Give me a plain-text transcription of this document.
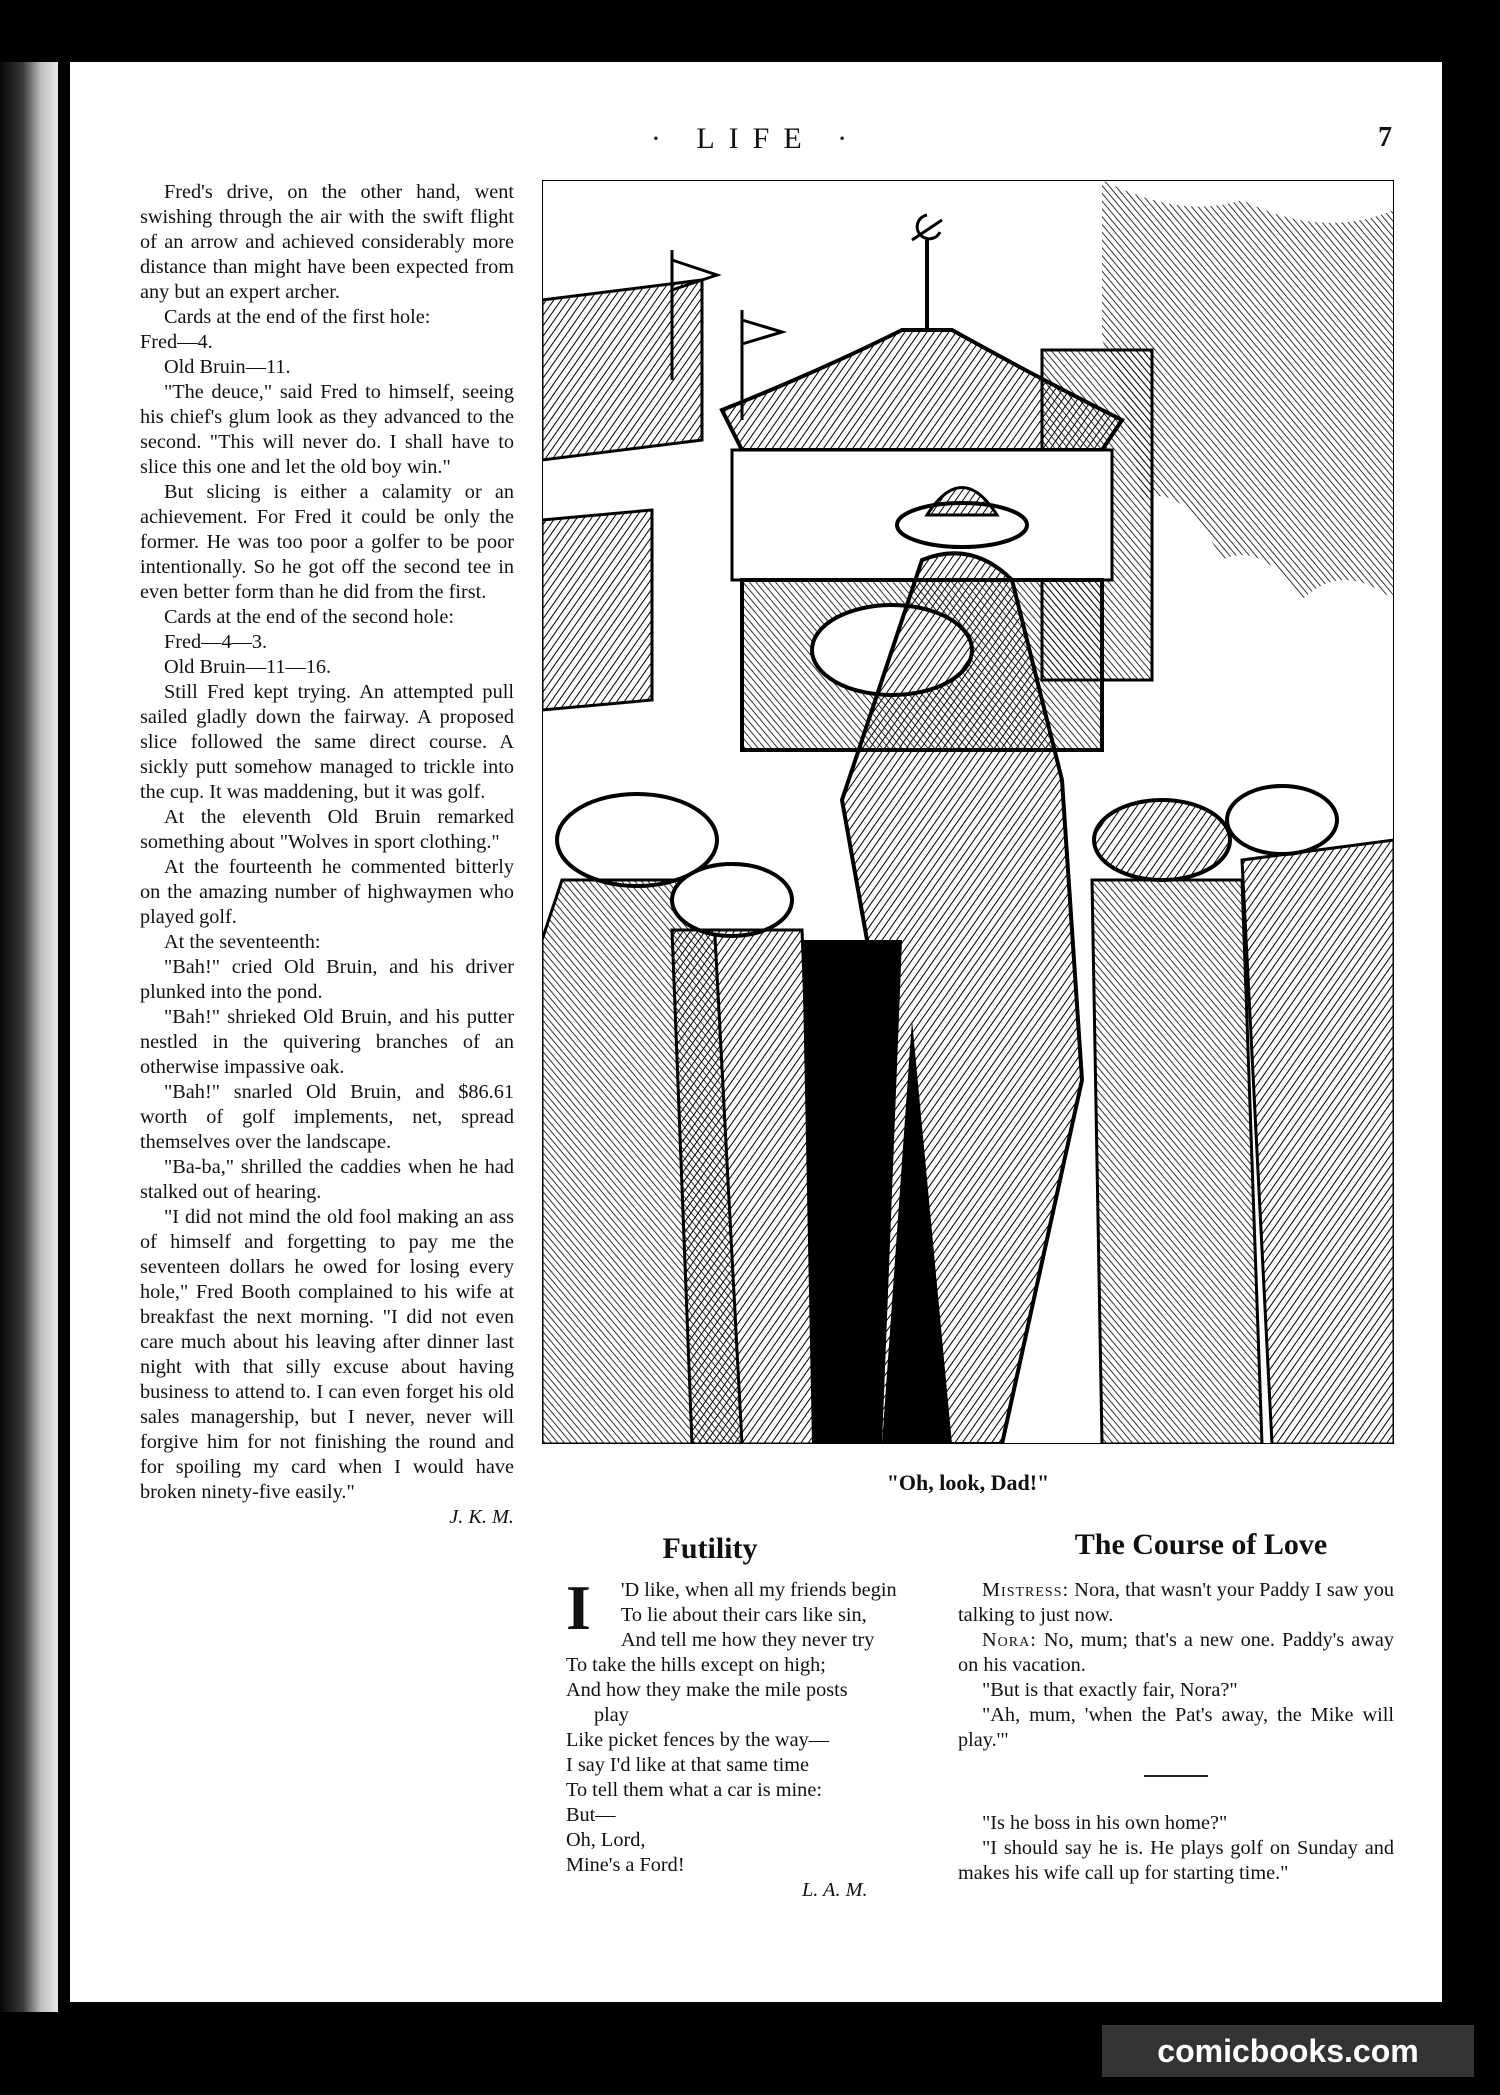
· LIFE ·	7

Fred's drive, on the other hand, went swishing through the air with the swift flight of an arrow and achieved considerably more distance than might have been expected from any but an expert archer.

Cards at the end of the first hole:

Fred—4.

Old Bruin—11.

"The deuce," said Fred to himself, seeing his chief's glum look as they advanced to the second. "This will never do. I shall have to slice this one and let the old boy win."

But slicing is either a calamity or an achievement. For Fred it could be only the former. He was too poor a golfer to be poor intentionally. So he got off the second tee in even better form than he did from the first.

Cards at the end of the second hole:

Fred—4—3.

Old Bruin—11—16.

Still Fred kept trying. An attempted pull sailed gladly down the fairway. A proposed slice followed the same direct course. A sickly putt somehow managed to trickle into the cup. It was maddening, but it was golf.

At the eleventh Old Bruin remarked something about "Wolves in sport clothing."

At the fourteenth he commented bitterly on the amazing number of highwaymen who played golf.

At the seventeenth:

"Bah!" cried Old Bruin, and his driver plunked into the pond.

"Bah!" shrieked Old Bruin, and his putter nestled in the quivering branches of an otherwise impassive oak.

"Bah!" snarled Old Bruin, and $86.61 worth of golf implements, net, spread themselves over the landscape.

"Ba-ba," shrilled the caddies when he had stalked out of hearing.

"I did not mind the old fool making an ass of himself and forgetting to pay me the seventeen dollars he owed for losing every hole," Fred Booth complained to his wife at breakfast the next morning. "I did not even care much about his leaving after dinner last night with that silly excuse about having business to attend to. I can even forget his old sales managership, but I never, never will forgive him for not finishing the round and for spoiling my card when I would have broken ninety-five easily."

J. K. M.

"Oh, look, Dad!"
Futility

I 'D like, when all my friends begin

To lie about their cars like sin,

And tell me how they never try

To take the hills except on high;

And how they make the mile posts

play

Like picket fences by the way—

I say I'd like at that same time

To tell them what a car is mine:

But—

Oh, Lord,

Mine's a Ford!

L. A. M.

The Course of Love

Mistress: Nora, that wasn't your Paddy I saw you talking to just now.

Nora: No, mum; that's a new one. Paddy's away on his vacation.

"But is that exactly fair, Nora?"

"Ah, mum, 'when the Pat's away, the Mike will play.'"

"Is he boss in his own home?"

"I should say he is. He plays golf on Sunday and makes his wife call up for starting time."

comicbooks.com
